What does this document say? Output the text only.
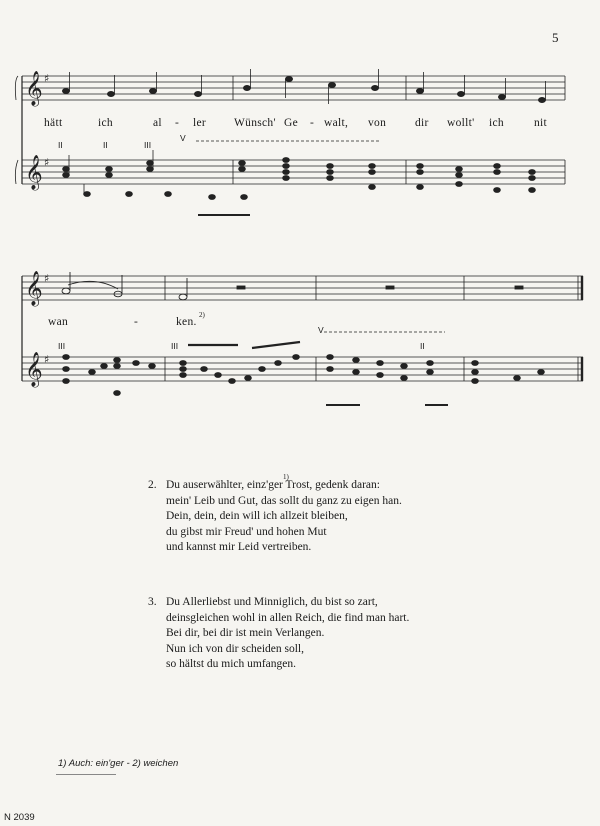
5
𝄞
𝄞
𝄞
𝄞
♯
♯
♯
♯
hätt	ich	al - ler Wünsch' Ge - walt, von	dir wollt' ich	nit
II	II	III
V
wan	-	ken.
2)
III	III
V
II
2.
1)
Du auserwählter, einz'ger Trost, gedenk daran:
mein' Leib und Gut, das sollt du ganz zu eigen han.
Dein, dein, dein will ich allzeit bleiben,
du gibst mir Freud' und hohen Mut
und kannst mir Leid vertreiben.
3. Du Allerliebst und Minniglich, du bist so zart,
deinsgleichen wohl in allen Reich, die find man hart.
Bei dir, bei dir ist mein Verlangen.
Nun ich von dir scheiden soll,
so hältst du mich umfangen.
1) Auch: ein'ger - 2) weichen
N 2039
